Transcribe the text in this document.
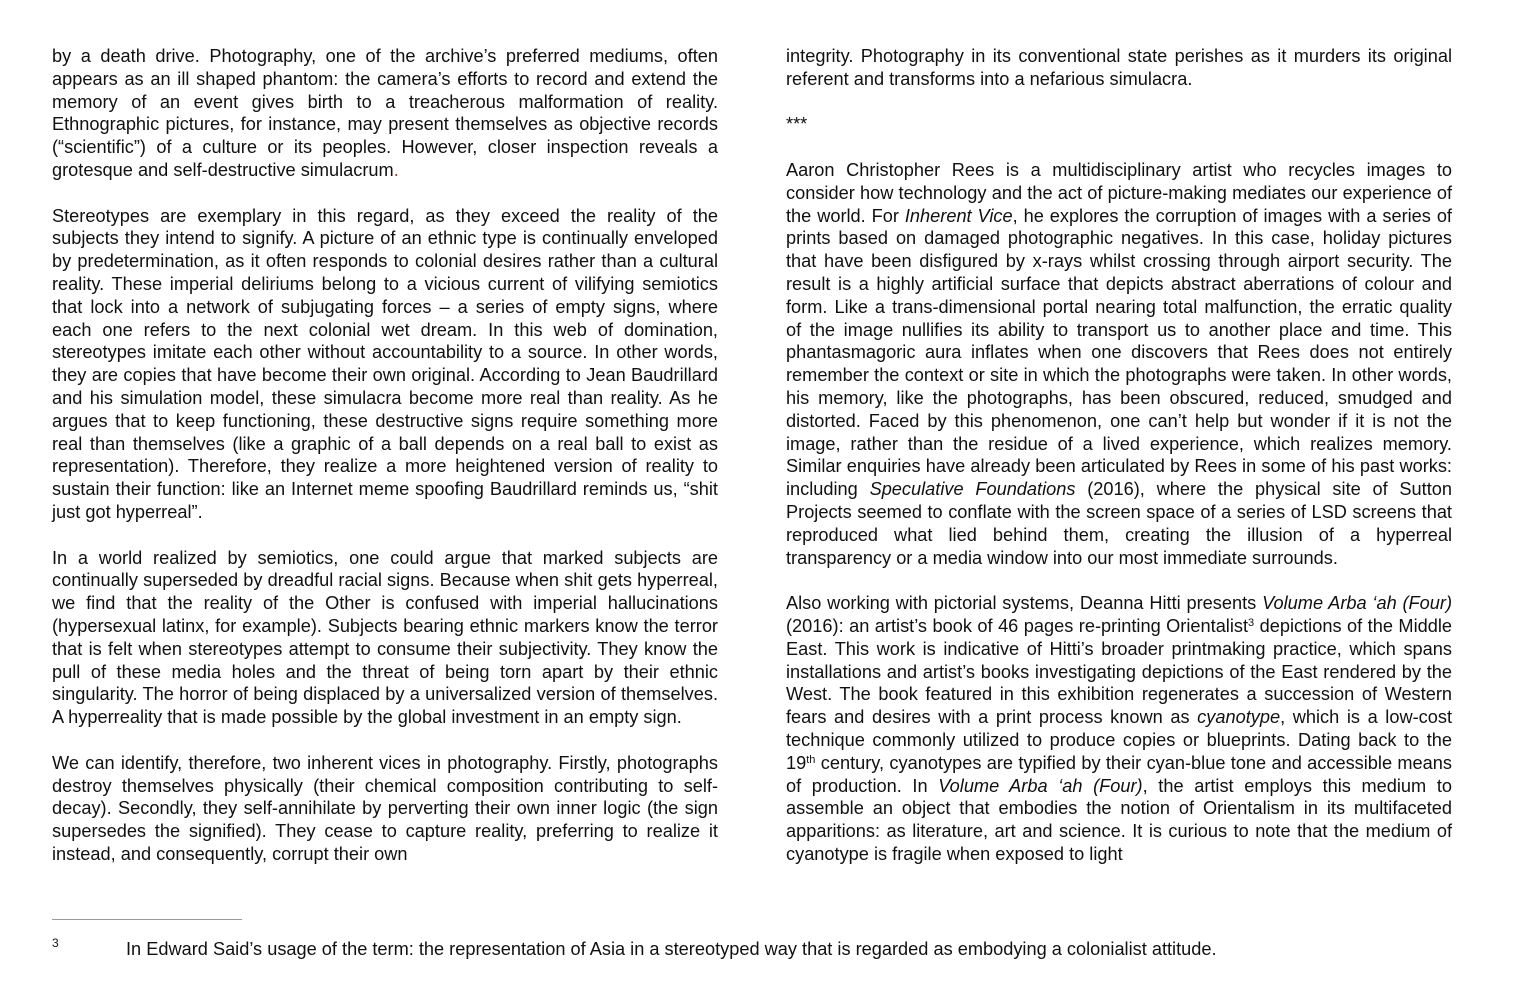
by a death drive. Photography, one of the archive’s preferred mediums, often appears as an ill shaped phantom: the camera’s efforts to record and extend the memory of an event gives birth to a treacherous malformation of reality. Ethnographic pictures, for instance, may present themselves as objective records (“scientific”) of a culture or its peoples. However, closer inspection reveals a grotesque and self-destructive simulacrum.

Stereotypes are exemplary in this regard, as they exceed the reality of the subjects they intend to signify. A picture of an ethnic type is continually enveloped by predetermination, as it often responds to colonial desires rather than a cultural reality. These imperial deliriums belong to a vicious current of vilifying semiotics that lock into a network of subjugating forces – a series of empty signs, where each one refers to the next colonial wet dream. In this web of domination, stereotypes imitate each other without accountability to a source. In other words, they are copies that have become their own original. According to Jean Baudrillard and his simulation model, these simulacra become more real than reality. As he argues that to keep functioning, these destructive signs require something more real than themselves (like a graphic of a ball depends on a real ball to exist as representation). Therefore, they realize a more heightened version of reality to sustain their function: like an Internet meme spoofing Baudrillard reminds us, “shit just got hyperreal”.

In a world realized by semiotics, one could argue that marked subjects are continually superseded by dreadful racial signs. Because when shit gets hyperreal, we find that the reality of the Other is confused with imperial hallucinations (hypersexual latinx, for example). Subjects bearing ethnic markers know the terror that is felt when stereotypes attempt to consume their subjectivity. They know the pull of these media holes and the threat of being torn apart by their ethnic singularity. The horror of being displaced by a universalized version of themselves. A hyperreality that is made possible by the global investment in an empty sign.

We can identify, therefore, two inherent vices in photography. Firstly, photographs destroy themselves physically (their chemical composition contributing to self-decay). Secondly, they self-annihilate by perverting their own inner logic (the sign supersedes the signified). They cease to capture reality, preferring to realize it instead, and consequently, corrupt their own

integrity. Photography in its conventional state perishes as it murders its original referent and transforms into a nefarious simulacra.

***

Aaron Christopher Rees is a multidisciplinary artist who recycles images to consider how technology and the act of picture-making mediates our experience of the world. For Inherent Vice, he explores the corruption of images with a series of prints based on damaged photographic negatives. In this case, holiday pictures that have been disfigured by x-rays whilst crossing through airport security. The result is a highly artificial surface that depicts abstract aberrations of colour and form. Like a trans-dimensional portal nearing total malfunction, the erratic quality of the image nullifies its ability to transport us to another place and time. This phantasmagoric aura inflates when one discovers that Rees does not entirely remember the context or site in which the photographs were taken. In other words, his memory, like the photographs, has been obscured, reduced, smudged and distorted. Faced by this phenomenon, one can’t help but wonder if it is not the image, rather than the residue of a lived experience, which realizes memory. Similar enquiries have already been articulated by Rees in some of his past works: including Speculative Foundations (2016), where the physical site of Sutton Projects seemed to conflate with the screen space of a series of LSD screens that reproduced what lied behind them, creating the illusion of a hyperreal transparency or a media window into our most immediate surrounds.

Also working with pictorial systems, Deanna Hitti presents Volume Arba ‘ah (Four) (2016): an artist’s book of 46 pages re-printing Orientalist$^3$ depictions of the Middle East. This work is indicative of Hitti’s broader printmaking practice, which spans installations and artist’s books investigating depictions of the East rendered by the West. The book featured in this exhibition regenerates a succession of Western fears and desires with a print process known as cyanotype, which is a low-cost technique commonly utilized to produce copies or blueprints. Dating back to the 19th century, cyanotypes are typified by their cyan-blue tone and accessible means of production. In Volume Arba ‘ah (Four), the artist employs this medium to assemble an object that embodies the notion of Orientalism in its multifaceted apparitions: as literature, art and science. It is curious to note that the medium of cyanotype is fragile when exposed to light

3	In Edward Said’s usage of the term: the representation of Asia in a stereotyped way that is regarded as embodying a colonialist attitude.
